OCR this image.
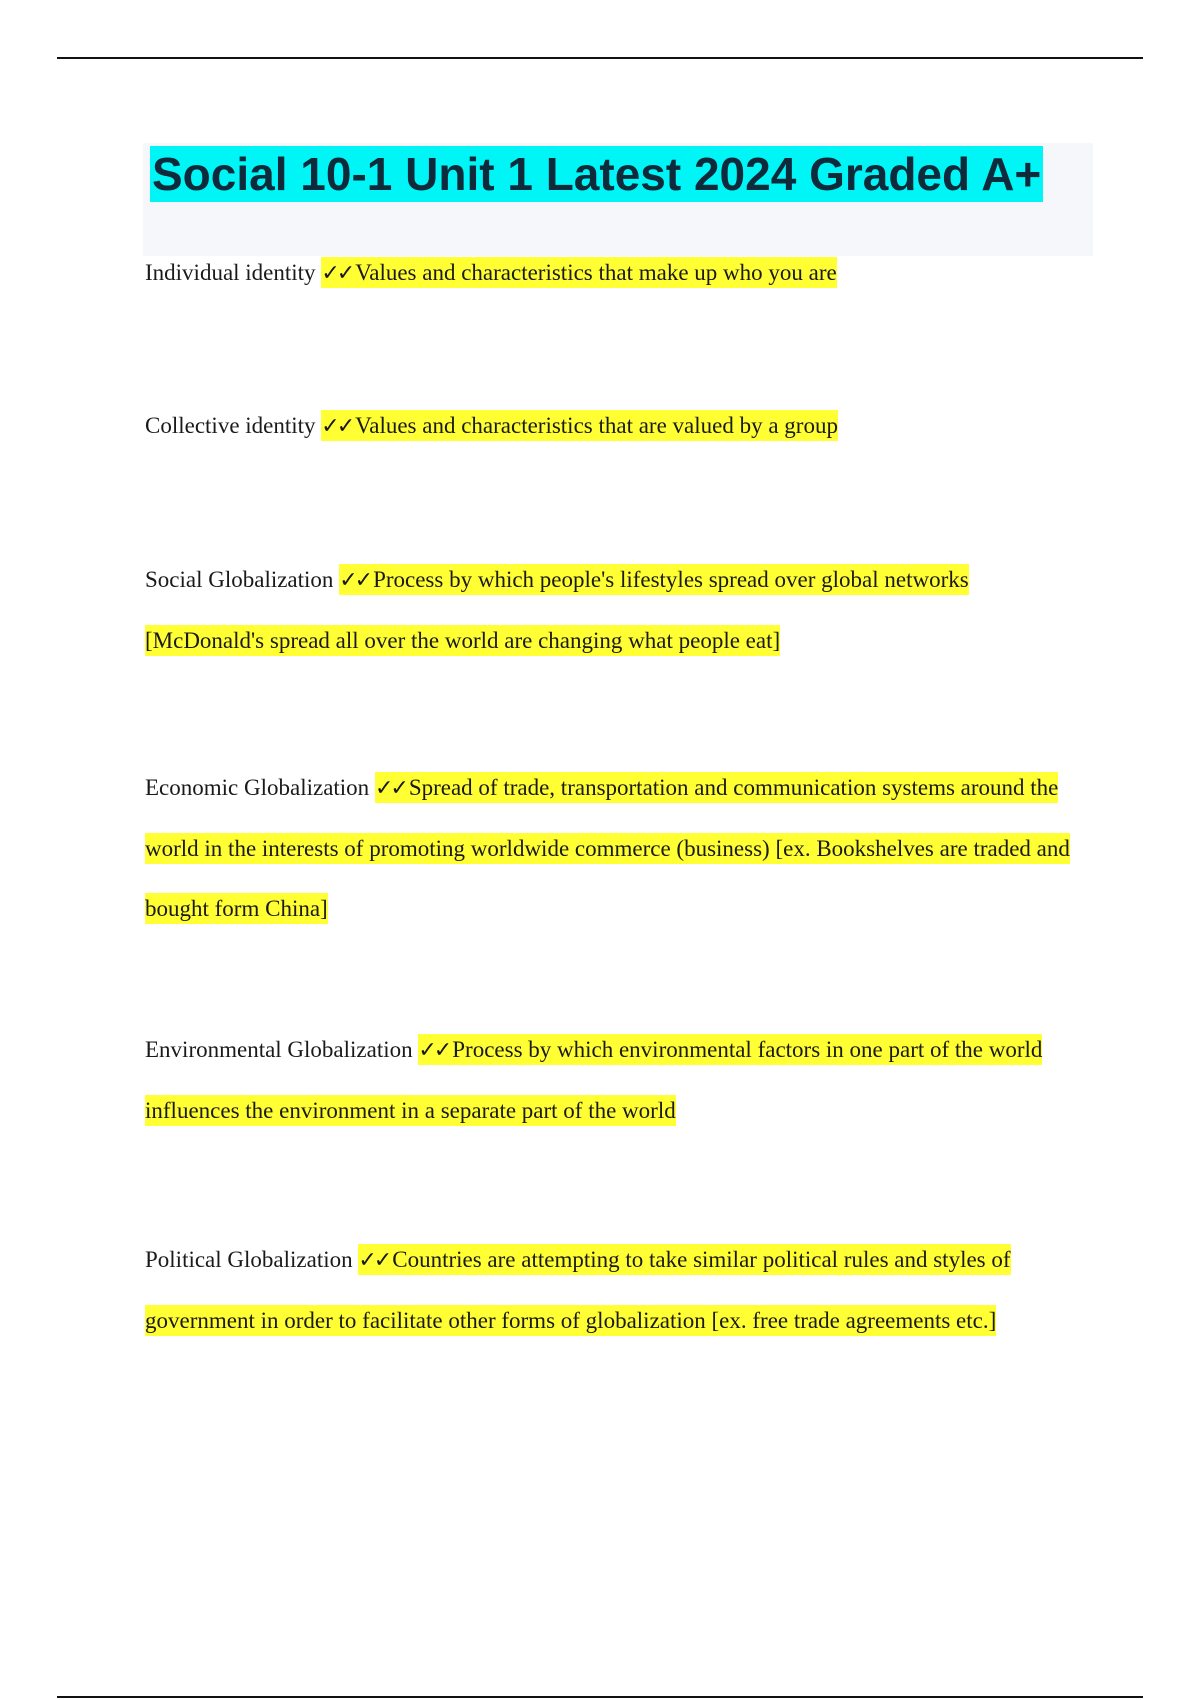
Social 10-1 Unit 1 Latest 2024 Graded A+
Individual identity ✓✓ Values and characteristics that make up who you are
Collective identity ✓✓ Values and characteristics that are valued by a group
Social Globalization ✓✓ Process by which people's lifestyles spread over global networks [McDonald's spread all over the world are changing what people eat]
Economic Globalization ✓✓ Spread of trade, transportation and communication systems around the world in the interests of promoting worldwide commerce (business) [ex. Bookshelves are traded and bought form China]
Environmental Globalization ✓✓ Process by which environmental factors in one part of the world influences the environment in a separate part of the world
Political Globalization ✓✓ Countries are attempting to take similar political rules and styles of government in order to facilitate other forms of globalization [ex. free trade agreements etc.]
